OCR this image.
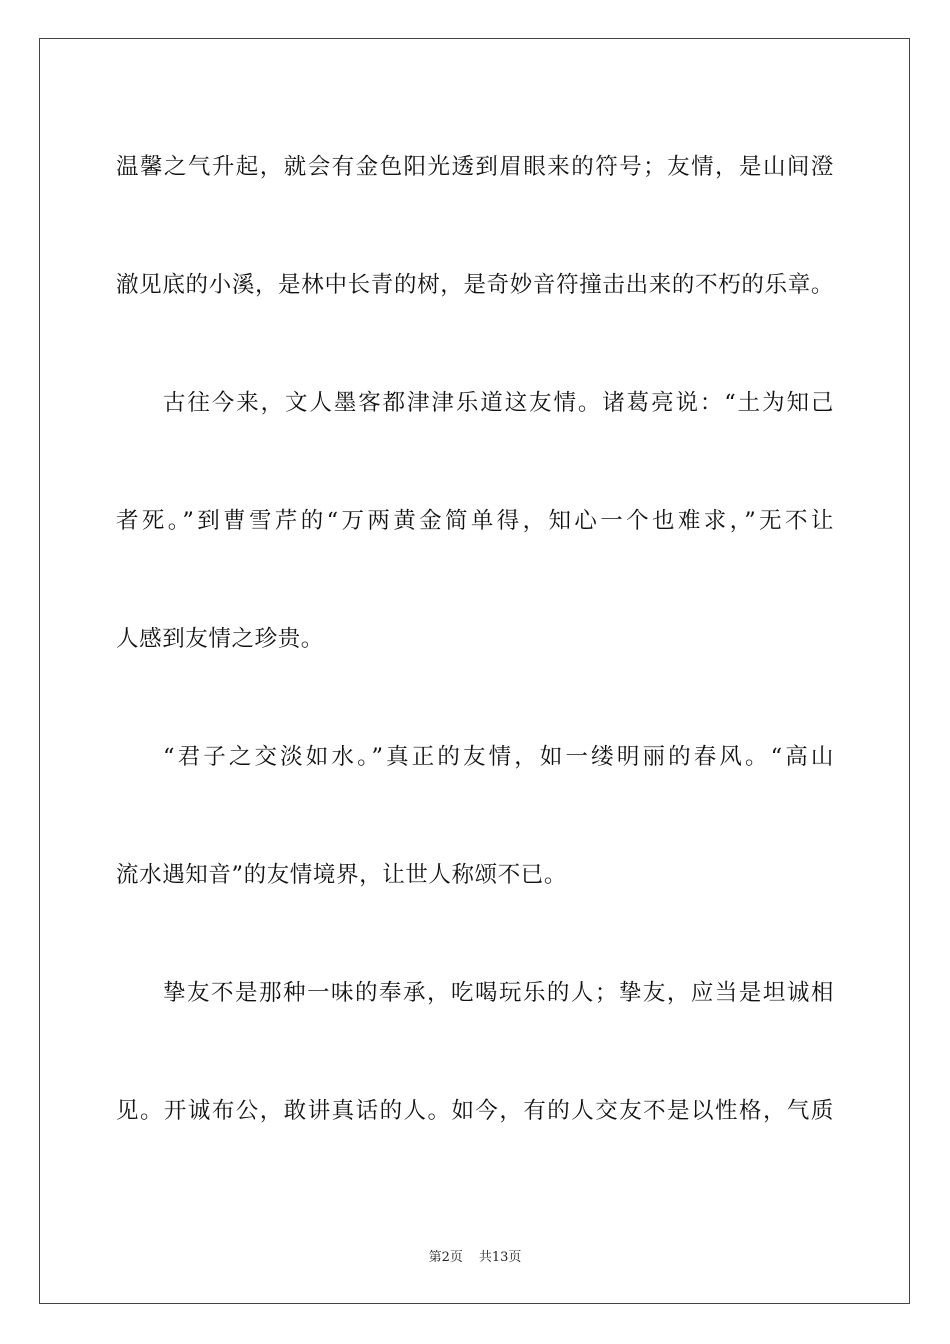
温馨之气升起，就会有金色阳光透到眉眼来的符号；友情，是山间澄
澈见底的小溪，是林中长青的树，是奇妙音符撞击出来的不朽的乐章。
古往今来，文人墨客都津津乐道这友情。诸葛亮说：“土为知己
者死。”到曹雪芹的“万两黄金简单得，知心一个也难求，”无不让
人感到友情之珍贵。
“君子之交淡如水。”真正的友情，如一缕明丽的春风。“高山
流水遇知音”的友情境界，让世人称颂不已。
挚友不是那种一味的奉承，吃喝玩乐的人；挚友，应当是坦诚相
见。开诚布公，敢讲真话的人。如今，有的人交友不是以性格，气质
第2页 共13页
